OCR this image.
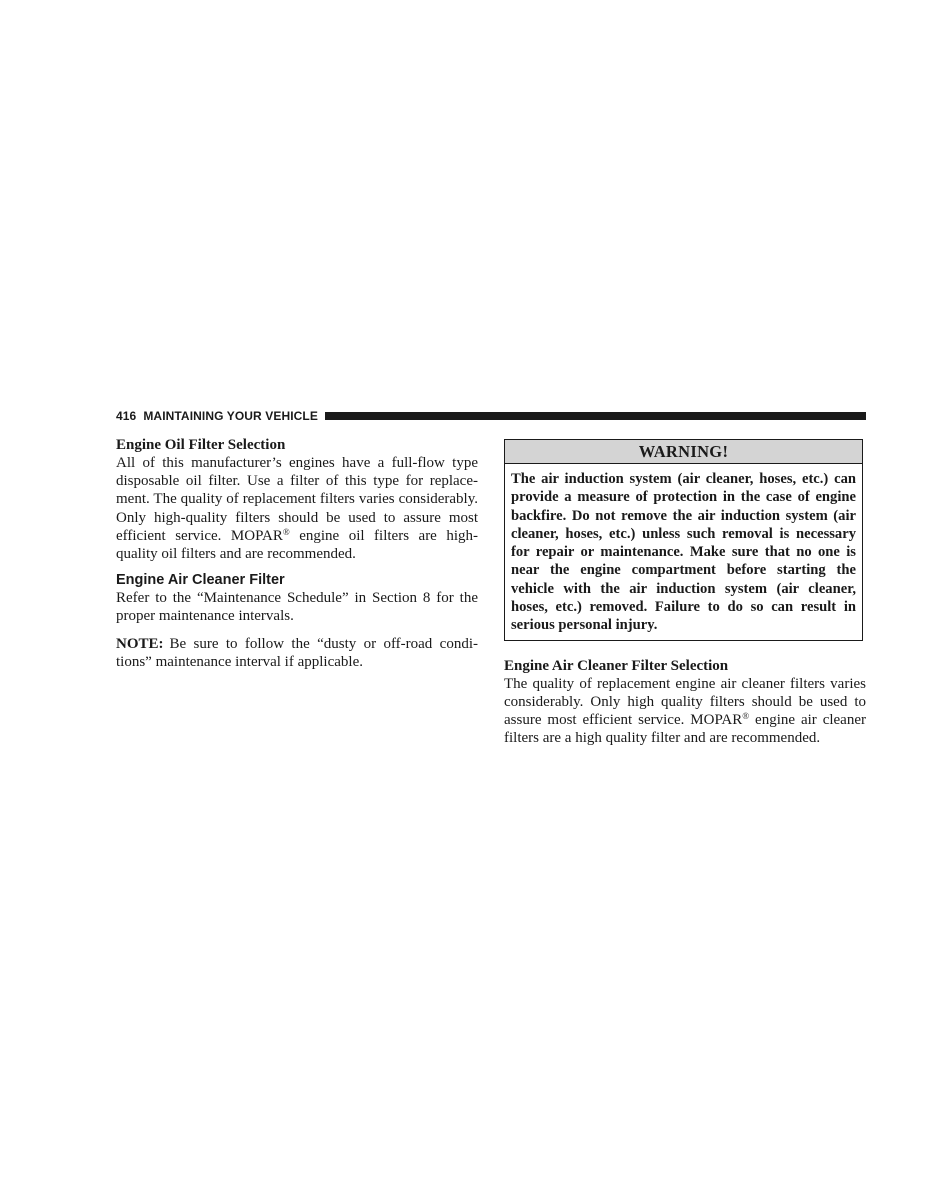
416 MAINTAINING YOUR VEHICLE
Engine Oil Filter Selection

All of this manufacturer’s engines have a full-flow type disposable oil filter. Use a filter of this type for replacement. The quality of replacement filters varies considerably. Only high-quality filters should be used to assure most efficient service. MOPAR® engine oil filters are high-quality oil filters and are recommended.

Engine Air Cleaner Filter

Refer to the “Maintenance Schedule” in Section 8 for the proper maintenance intervals.

NOTE: Be sure to follow the “dusty or off-road conditions” maintenance interval if applicable.

WARNING!

The air induction system (air cleaner, hoses, etc.) can provide a measure of protection in the case of engine backfire. Do not remove the air induction system (air cleaner, hoses, etc.) unless such removal is necessary for repair or maintenance. Make sure that no one is near the engine compartment before starting the vehicle with the air induction system (air cleaner, hoses, etc.) removed. Failure to do so can result in serious personal injury.

Engine Air Cleaner Filter Selection

The quality of replacement engine air cleaner filters varies considerably. Only high quality filters should be used to assure most efficient service. MOPAR® engine air cleaner filters are a high quality filter and are recommended.
